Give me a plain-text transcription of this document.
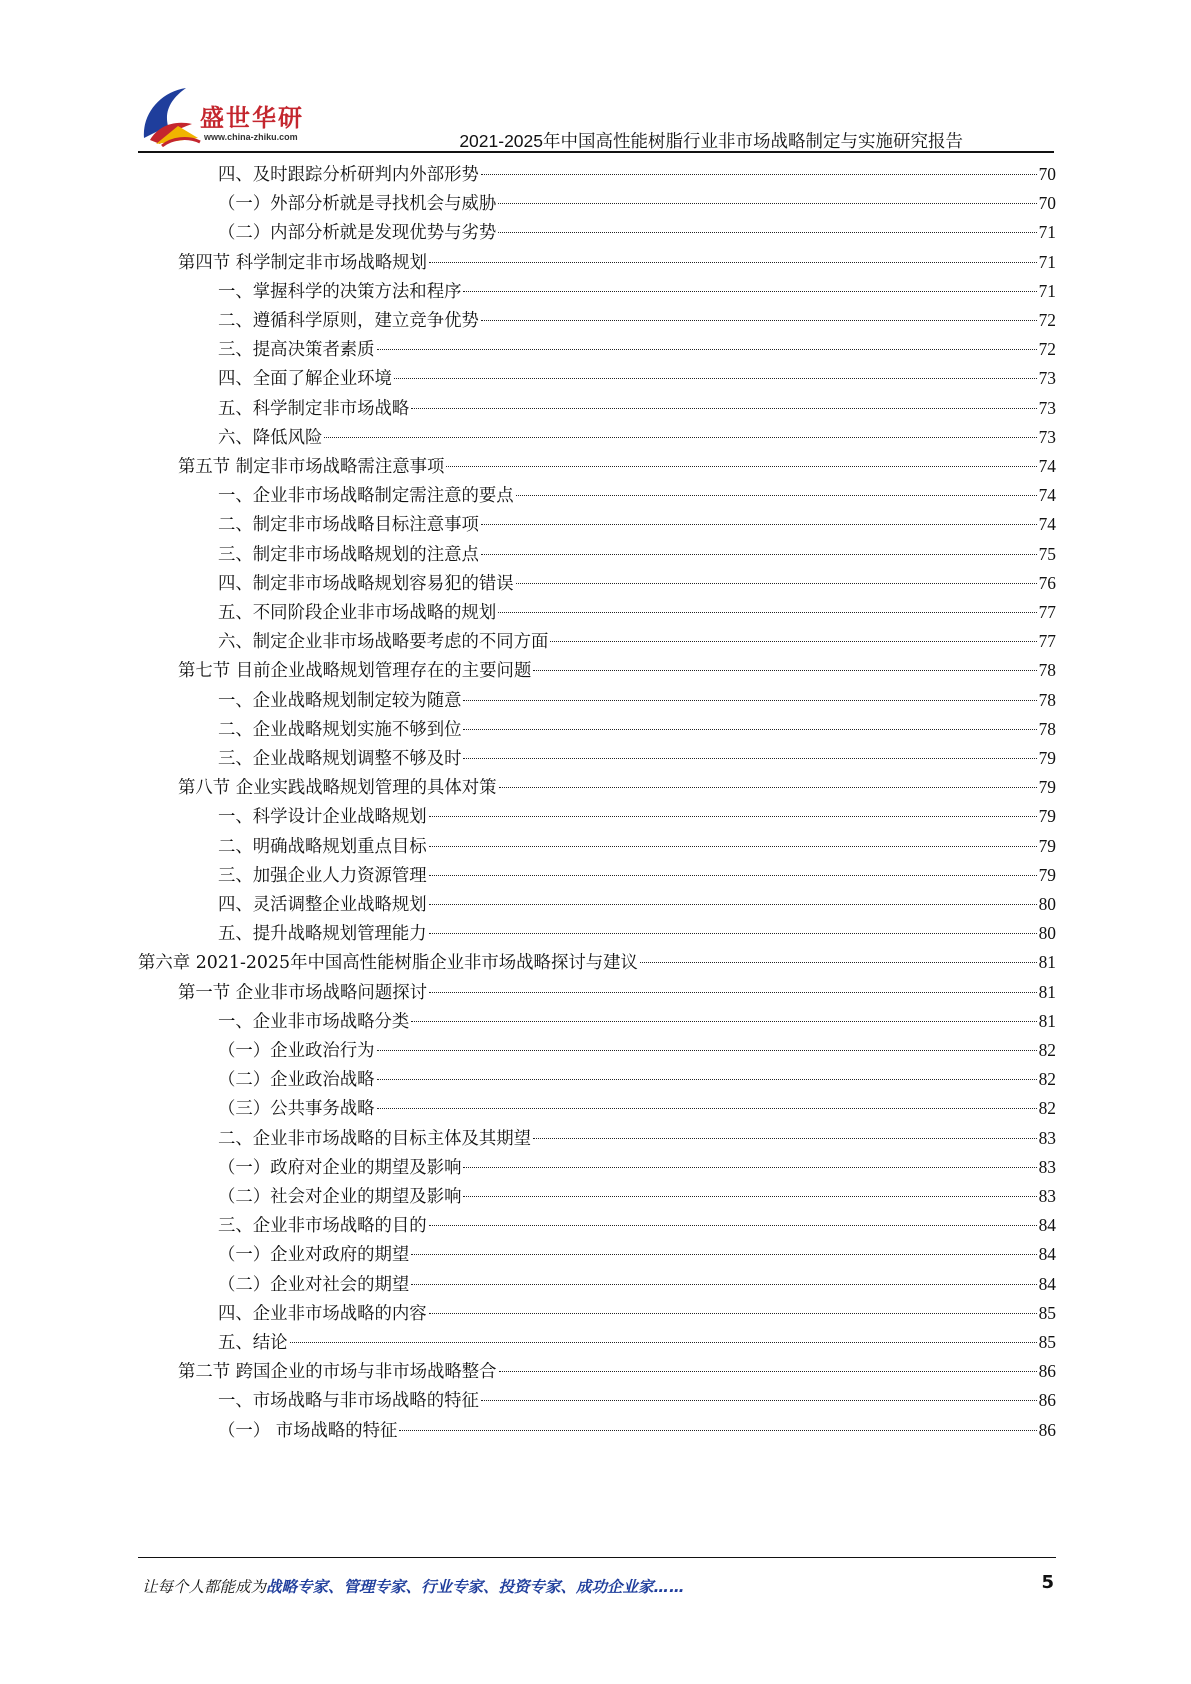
盛世华研
www.china-zhiku.com	2021-2025年中国高性能树脂行业非市场战略制定与实施研究报告
四、及时跟踪分析研判内外部形势	70
（一）外部分析就是寻找机会与威胁	70
（二）内部分析就是发现优势与劣势	71
第四节 科学制定非市场战略规划	71
一、掌握科学的决策方法和程序	71
二、遵循科学原则，建立竞争优势	72
三、提高决策者素质	72
四、全面了解企业环境	73
五、科学制定非市场战略	73
六、降低风险	73
第五节 制定非市场战略需注意事项	74
一、企业非市场战略制定需注意的要点	74
二、制定非市场战略目标注意事项	74
三、制定非市场战略规划的注意点	75
四、制定非市场战略规划容易犯的错误	76
五、不同阶段企业非市场战略的规划	77
六、制定企业非市场战略要考虑的不同方面	77
第七节 目前企业战略规划管理存在的主要问题	78
一、企业战略规划制定较为随意	78
二、企业战略规划实施不够到位	78
三、企业战略规划调整不够及时	79
第八节 企业实践战略规划管理的具体对策	79
一、科学设计企业战略规划	79
二、明确战略规划重点目标	79
三、加强企业人力资源管理	79
四、灵活调整企业战略规划	80
五、提升战略规划管理能力	80
第六章 2021-2025年中国高性能树脂企业非市场战略探讨与建议	81
第一节 企业非市场战略问题探讨	81
一、企业非市场战略分类	81
（一）企业政治行为	82
（二）企业政治战略	82
（三）公共事务战略	82
二、企业非市场战略的目标主体及其期望	83
（一）政府对企业的期望及影响	83
（二）社会对企业的期望及影响	83
三、企业非市场战略的目的	84
（一）企业对政府的期望	84
（二）企业对社会的期望	84
四、企业非市场战略的内容	85
五、结论	85
第二节 跨国企业的市场与非市场战略整合	86
一、市场战略与非市场战略的特征	86
（一） 市场战略的特征	86
让每个人都能成为战略专家、管理专家、行业专家、投资专家、成功企业家……	5
